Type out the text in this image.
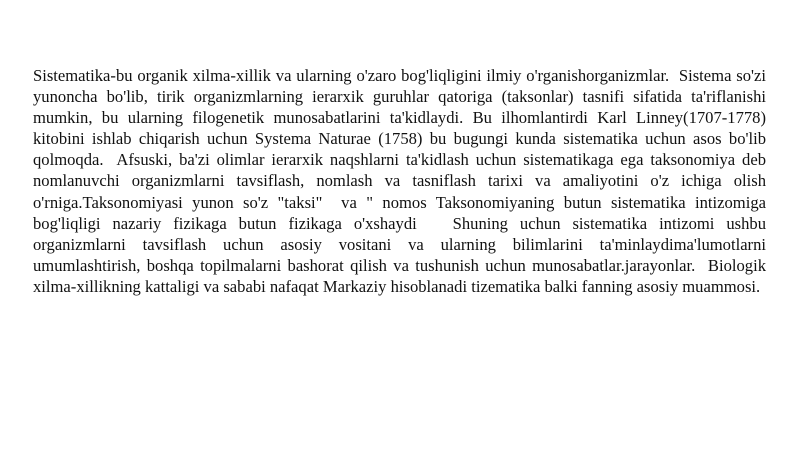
Sistematika-bu organik xilma-xillik va ularning o'zaro bog'liqligini ilmiy o'rganishorganizmlar.  Sistema so'zi yunoncha bo'lib, tirik organizmlarning ierarxik guruhlar qatoriga (taksonlar) tasnifi sifatida ta'riflanishi mumkin, bu ularning filogenetik munosabatlarini ta'kidlaydi. Bu ilhomlantirdi Karl Linney(1707-1778) kitobini ishlab chiqarish uchun Systema Naturae (1758) bu bugungi kunda sistematika uchun asos bo'lib qolmoqda.  Afsuski, ba'zi olimlar ierarxik naqshlarni ta'kidlash uchun sistematikaga ega taksonomiya deb nomlanuvchi organizmlarni tavsiflash, nomlash va tasniflash tarixi va amaliyotini o'z ichiga olish o'rniga.Taksonomiyasi yunon so'z "taksi"  va " nomos Taksonomiyaning butun sistematika intizomiga bog'liqligi nazariy fizikaga butun fizikaga o'xshaydi   Shuning uchun sistematika intizomi ushbu organizmlarni tavsiflash uchun asosiy vositani va ularning bilimlarini ta'minlaydima'lumotlarni umumlashtirish, boshqa topilmalarni bashorat qilish va tushunish uchun munosabatlar.jarayonlar.  Biologik xilma-xillikning kattaligi va sababi nafaqat Markaziy hisoblanadi tizematika balki fanning asosiy muammosi.
